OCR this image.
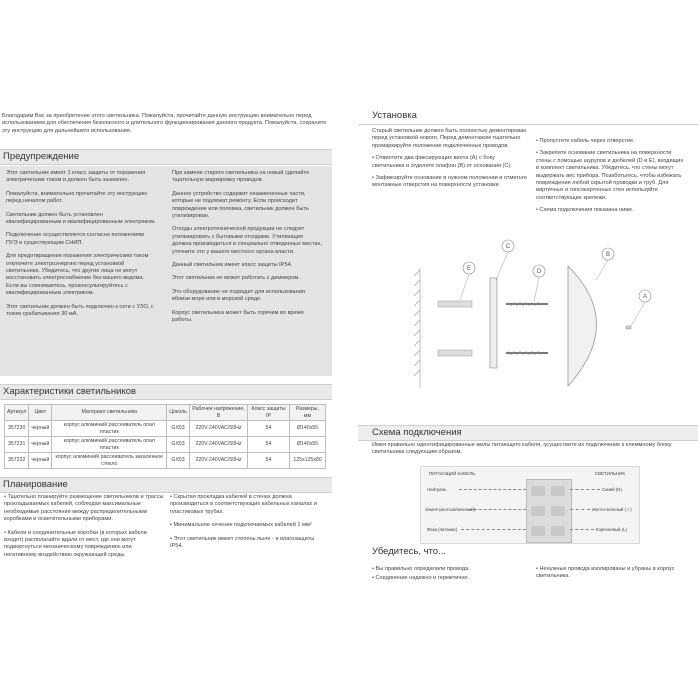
Благодарим Вас за приобретение этого светильника. Пожалуйста, прочитайте данную инструкцию внимательно перед использованием для обеспечения безопасного и длительного функционирования данного продукта. Пожалуйста, сохраните эту инструкцию для дальнейшего использования.
Предупреждение

Этот светильник имеет 1 класс защиты от поражения электрическим током и должен быть заземлен.

Пожалуйста, внимательно прочитайте эту инструкцию перед началом работ.

Светильник должен быть установлен квалифицированным и квалифицированным электриком.

Подключение осуществляется согласно положениям ПУЭ и существующим СНИП.

Для предотвращения поражения электрическим током отключите электроэнергию перед установкой светильника. Убедитесь, что другие лица не могут восстановить электроснабжение без вашего ведома. Если вы сомневаетесь, проконсультируйтесь с квалифицированным электриком.

Этот светильник должен быть подключен к сети с УЗО, с током срабатывания 30 мА.

При замене старого светильника на новый сделайте тщательную маркировку проводов.

Данное устройство содержит незамененные части, которые не подлежат ремонту. Если происходит повреждение или поломка, светильник должен быть утилизирован.

Отходы электротехнической продукции не следует утилизировать с бытовыми отходами. Утилизация должна производиться в специально отведенных местах, уточните это у вашего местного органа власти.

Данный светильник имеет класс защиты IP54.

Этот светильник не может работать с диммером.

Это оборудование не подходит для использования вблизи моря или в морской среде.

Корпус светильника может быть горячим во время работы.

Характеристики светильников
Артикул	Цвет	Материал светильника	Цоколь	Рабочее напряжение, В	Класс защиты IP	Размеры, мм
357230	черный	корпус алюминий/ рассеиватель опал пластик	GX53	220V-240VAC/50Hz	54	Ø140х55
357231	черный	корпус алюминий/ рассеиватель опал пластик	GX53	220V-240VAC/50Hz	54	Ø140х55
357232	черный	корпус алюминий/ рассеиватель закаленное стекло	GX53	220V-240VAC/50Hz	54	125х125х80
Планирование

• Тщательно планируйте размещение светильников и трассы прокладываемых кабелей, соблюдая максимальные необходимые расстояния между распределительными коробками и осветительными приборами.

• Кабели и соединительные коробки (в которых кабели входят) располагайте вдали от мест, где они могут подвергнуться механическому повреждению или негативному воздействию окружающей среды.

• Скрытая прокладка кабелей в стенах должна производиться в соответствующих кабельных каналах и пластиковых трубах.

• Минимальное сечение подключаемых кабелей 1 мм²

• Этот светильник имеет степень пыле - и влагозащиты IP54.

Установка

Старый светильник должен быть полностью демонтирован перед установкой нового. Перед демонтажом тщательно промаркируйте положение подключенных проводов.

• Отвинтите два фиксирующих винта (A) с боку светильника и отделите плафон (B) от основания (C).

• Зафиксируйте основание в нужном положении и отметьте монтажные отверстия на поверхности установки

• Пропустите кабель через отверстие.

• Закрепите основание светильника на поверхности стены с помощью шурупов и дюбелей (D и E), входящих в комплект светильника. Убедитесь, что стены могут выдержать вес прибора. Позаботьтесь, чтобы избежать повреждения любой скрытой проводки и труб. Для виртичных и гипсокартонных стен используйте соответствующие крепежи.

• Схема подключения показана ниже.

E
C
D
B
A
Схема подключения
Имея правильно идентифицированные жилы питающего кабеля, осуществите их подключение к клеммному блоку светильника следующим образом.
ПИТАЮЩИЙ КАБЕЛЬ	СВЕТИЛЬНИК
Нейтраль
Земля (желтый/зеленый)
Фаза (питание)
Синий (N)
Желто-зеленый (⏚)
Коричневый (L)
Убедитесь, что...

• Вы правильно определили провода.

• Соединение надежно и герметично.

• Ненужные провода изолированы и убраны в корпус светильника.
